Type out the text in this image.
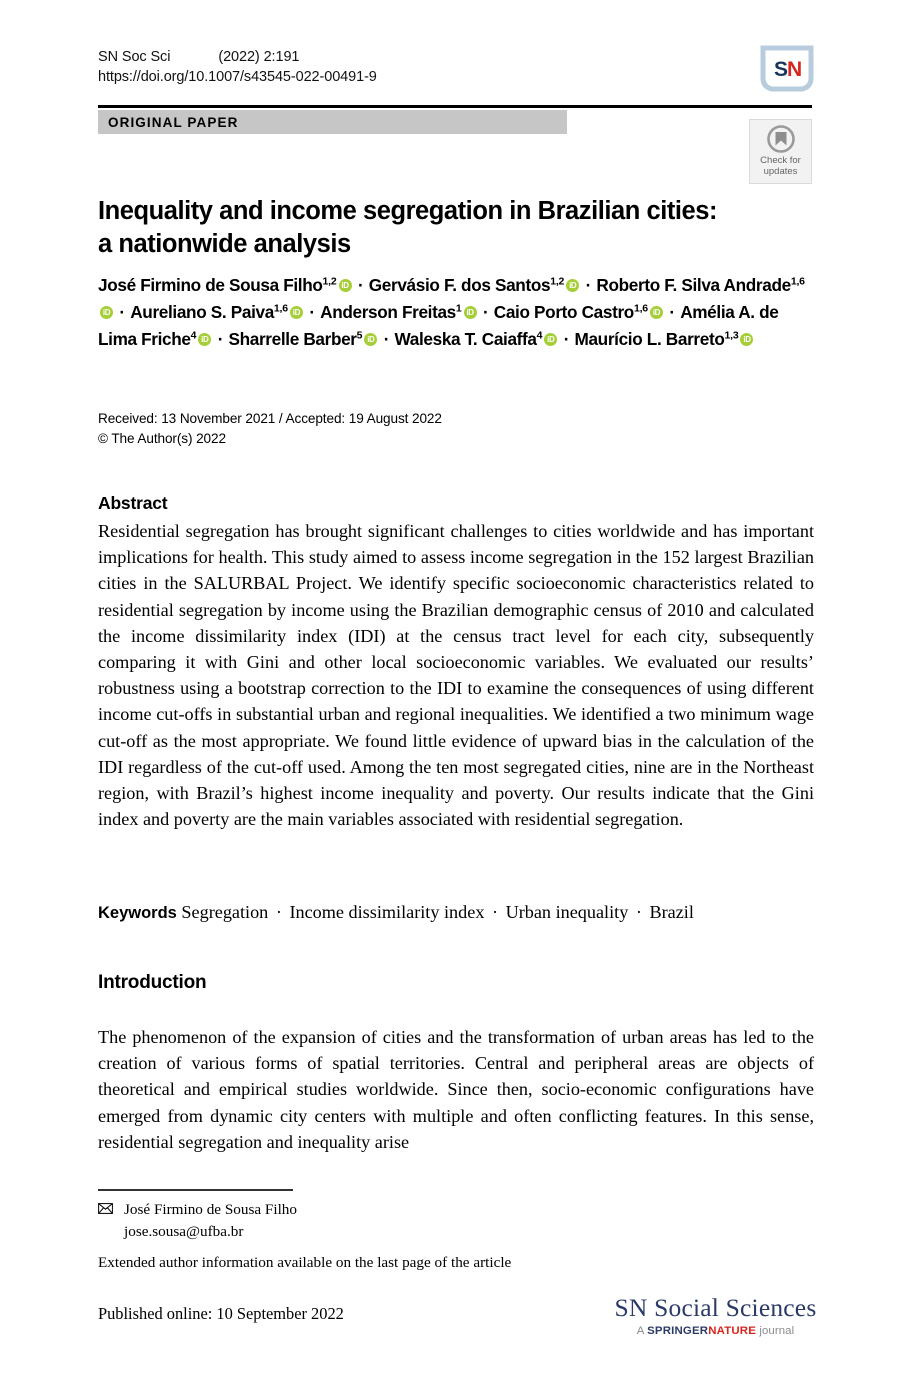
SN Soc Sci	(2022) 2:191
https://doi.org/10.1007/s43545-022-00491-9	S
N
ORIGINAL PAPER
Check for
updates
Inequality and income segregation in Brazilian cities:
a nationwide analysis
José Firmino de Sousa Filho$^{1,2}$iD · Gervásio F. dos Santos$^{1,2}$iD · Roberto F. Silva Andrade$^{1,6}$iD · Aureliano S. Paiva$^{1,6}$iD · Anderson Freitas$^1$iD · Caio Porto Castro$^{1,6}$iD · Amélia A. de Lima Friche$^4$iD · Sharrelle Barber$^5$iD · Waleska T. Caiaffa$^4$iD · Maurício L. Barreto$^{1,3}$iD
Received: 13 November 2021 / Accepted: 19 August 2022
© The Author(s) 2022
Abstract
Residential segregation has brought significant challenges to cities worldwide and has important implications for health. This study aimed to assess income segregation in the 152 largest Brazilian cities in the SALURBAL Project. We identify specific socioeconomic characteristics related to residential segregation by income using the Brazilian demographic census of 2010 and calculated the income dissimilarity index (IDI) at the census tract level for each city, subsequently comparing it with Gini and other local socioeconomic variables. We evaluated our results’ robustness using a bootstrap correction to the IDI to examine the consequences of using different income cut-offs in substantial urban and regional inequalities. We identified a two minimum wage cut-off as the most appropriate. We found little evidence of upward bias in the calculation of the IDI regardless of the cut-off used. Among the ten most segregated cities, nine are in the Northeast region, with Brazil’s highest income inequality and poverty. Our results indicate that the Gini index and poverty are the main variables associated with residential segregation.
Keywords Segregation · Income dissimilarity index · Urban inequality · Brazil
Introduction
The phenomenon of the expansion of cities and the transformation of urban areas has led to the creation of various forms of spatial territories. Central and peripheral areas are objects of theoretical and empirical studies worldwide. Since then, socio-economic configurations have emerged from dynamic city centers with multiple and often conflicting features. In this sense, residential segregation and inequality arise
José Firmino de Sousa Filho
jose.sousa@ufba.br
Extended author information available on the last page of the article
Published online: 10 September 2022	SN Social Sciences
A SPRINGERNATURE journal
